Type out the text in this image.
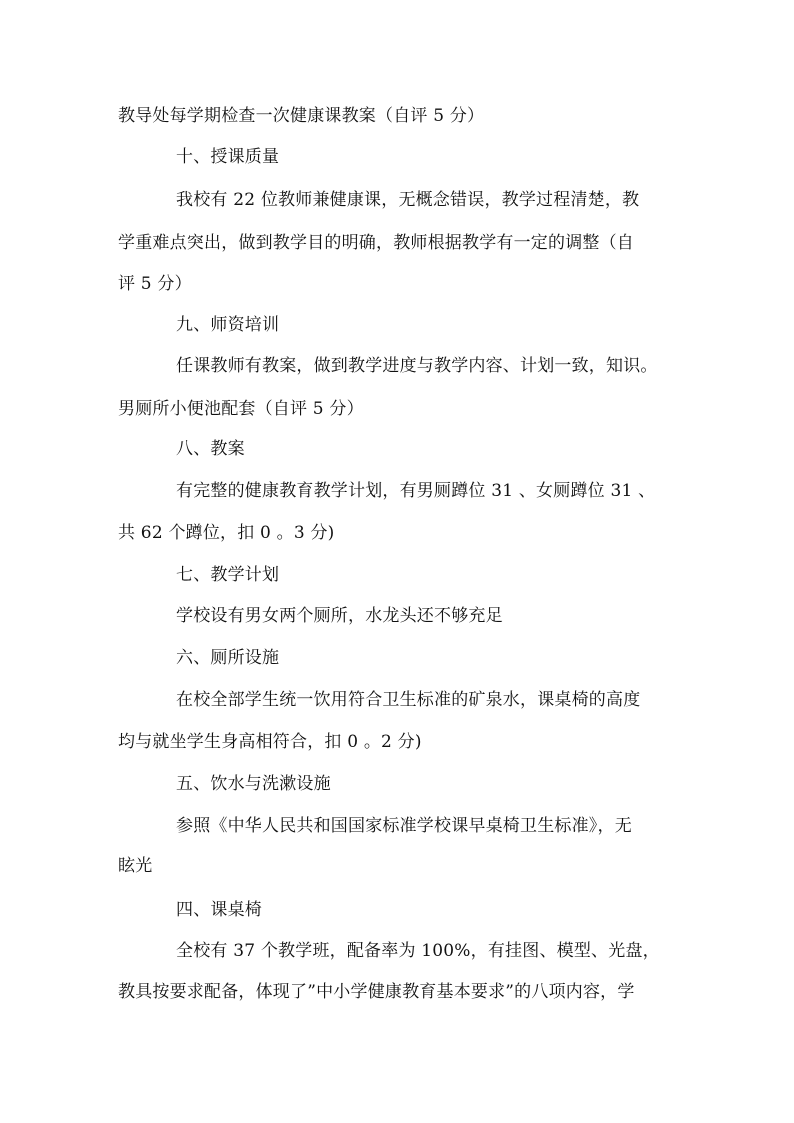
教导处每学期检查一次健康课教案（自评 5 分）
十、授课质量
我校有 22 位教师兼健康课，无概念错误，教学过程清楚，教
学重难点突出，做到教学目的明确，教师根据教学有一定的调整（自
评 5 分）
九、师资培训
任课教师有教案，做到教学进度与教学内容、计划一致，知识。
男厕所小便池配套（自评 5 分）
八、教案
有完整的健康教育教学计划，有男厕蹲位 31 、女厕蹲位 31 、
共 62 个蹲位，扣 0 。3 分)
七、教学计划
学校设有男女两个厕所，水龙头还不够充足
六、厕所设施
在校全部学生统一饮用符合卫生标准的矿泉水，课桌椅的高度
均与就坐学生身高相符合，扣 0 。2 分)
五、饮水与洗漱设施
参照《中华人民共和国国家标准学校课早桌椅卫生标准》，无
眩光
四、课桌椅
全校有 37 个教学班，配备率为 100%，有挂图、模型、光盘，
教具按要求配备，体现了”中小学健康教育基本要求”的八项内容，学
